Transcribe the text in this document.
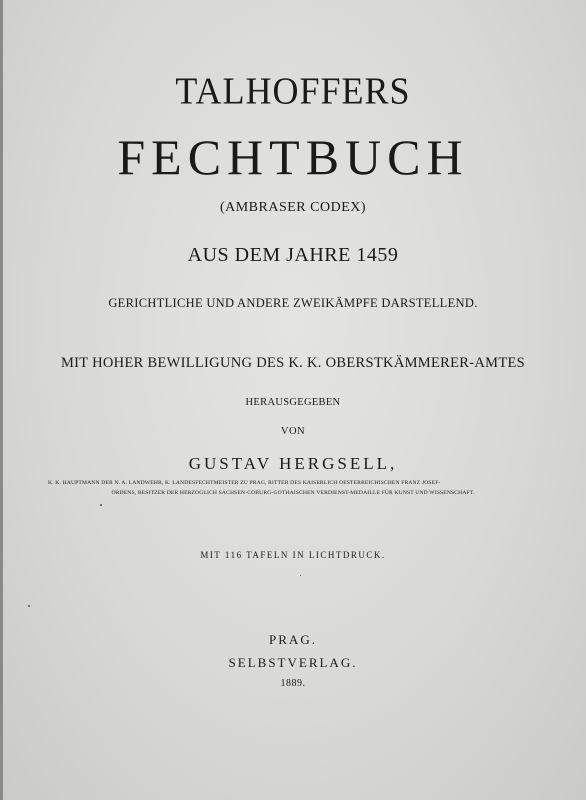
TALHOFFERS
FECHTBUCH
(AMBRASER CODEX)
AUS DEM JAHRE 1459
GERICHTLICHE UND ANDERE ZWEIKÄMPFE DARSTELLEND.
MIT HOHER BEWILLIGUNG DES K. K. OBERSTKÄMMERER-AMTES
HERAUSGEGEBEN
VON
GUSTAV HERGSELL,
K. K. HAUPTMANN DER N. A. LANDWEHR, K. LANDESFECHTMEISTER ZU PRAG, RITTER DES KAISERLICH OESTERREICHISCHEN FRANZ JOSEF-
ORDENS, BESITZER DER HERZOGLICH SACHSEN-COBURG-GOTHAISCHEN VERDIENST-MEDAILLE FÜR KUNST UND WISSENSCHAFT.
MIT 116 TAFELN IN LICHTDRUCK.
PRAG.
SELBSTVERLAG.
1889.
